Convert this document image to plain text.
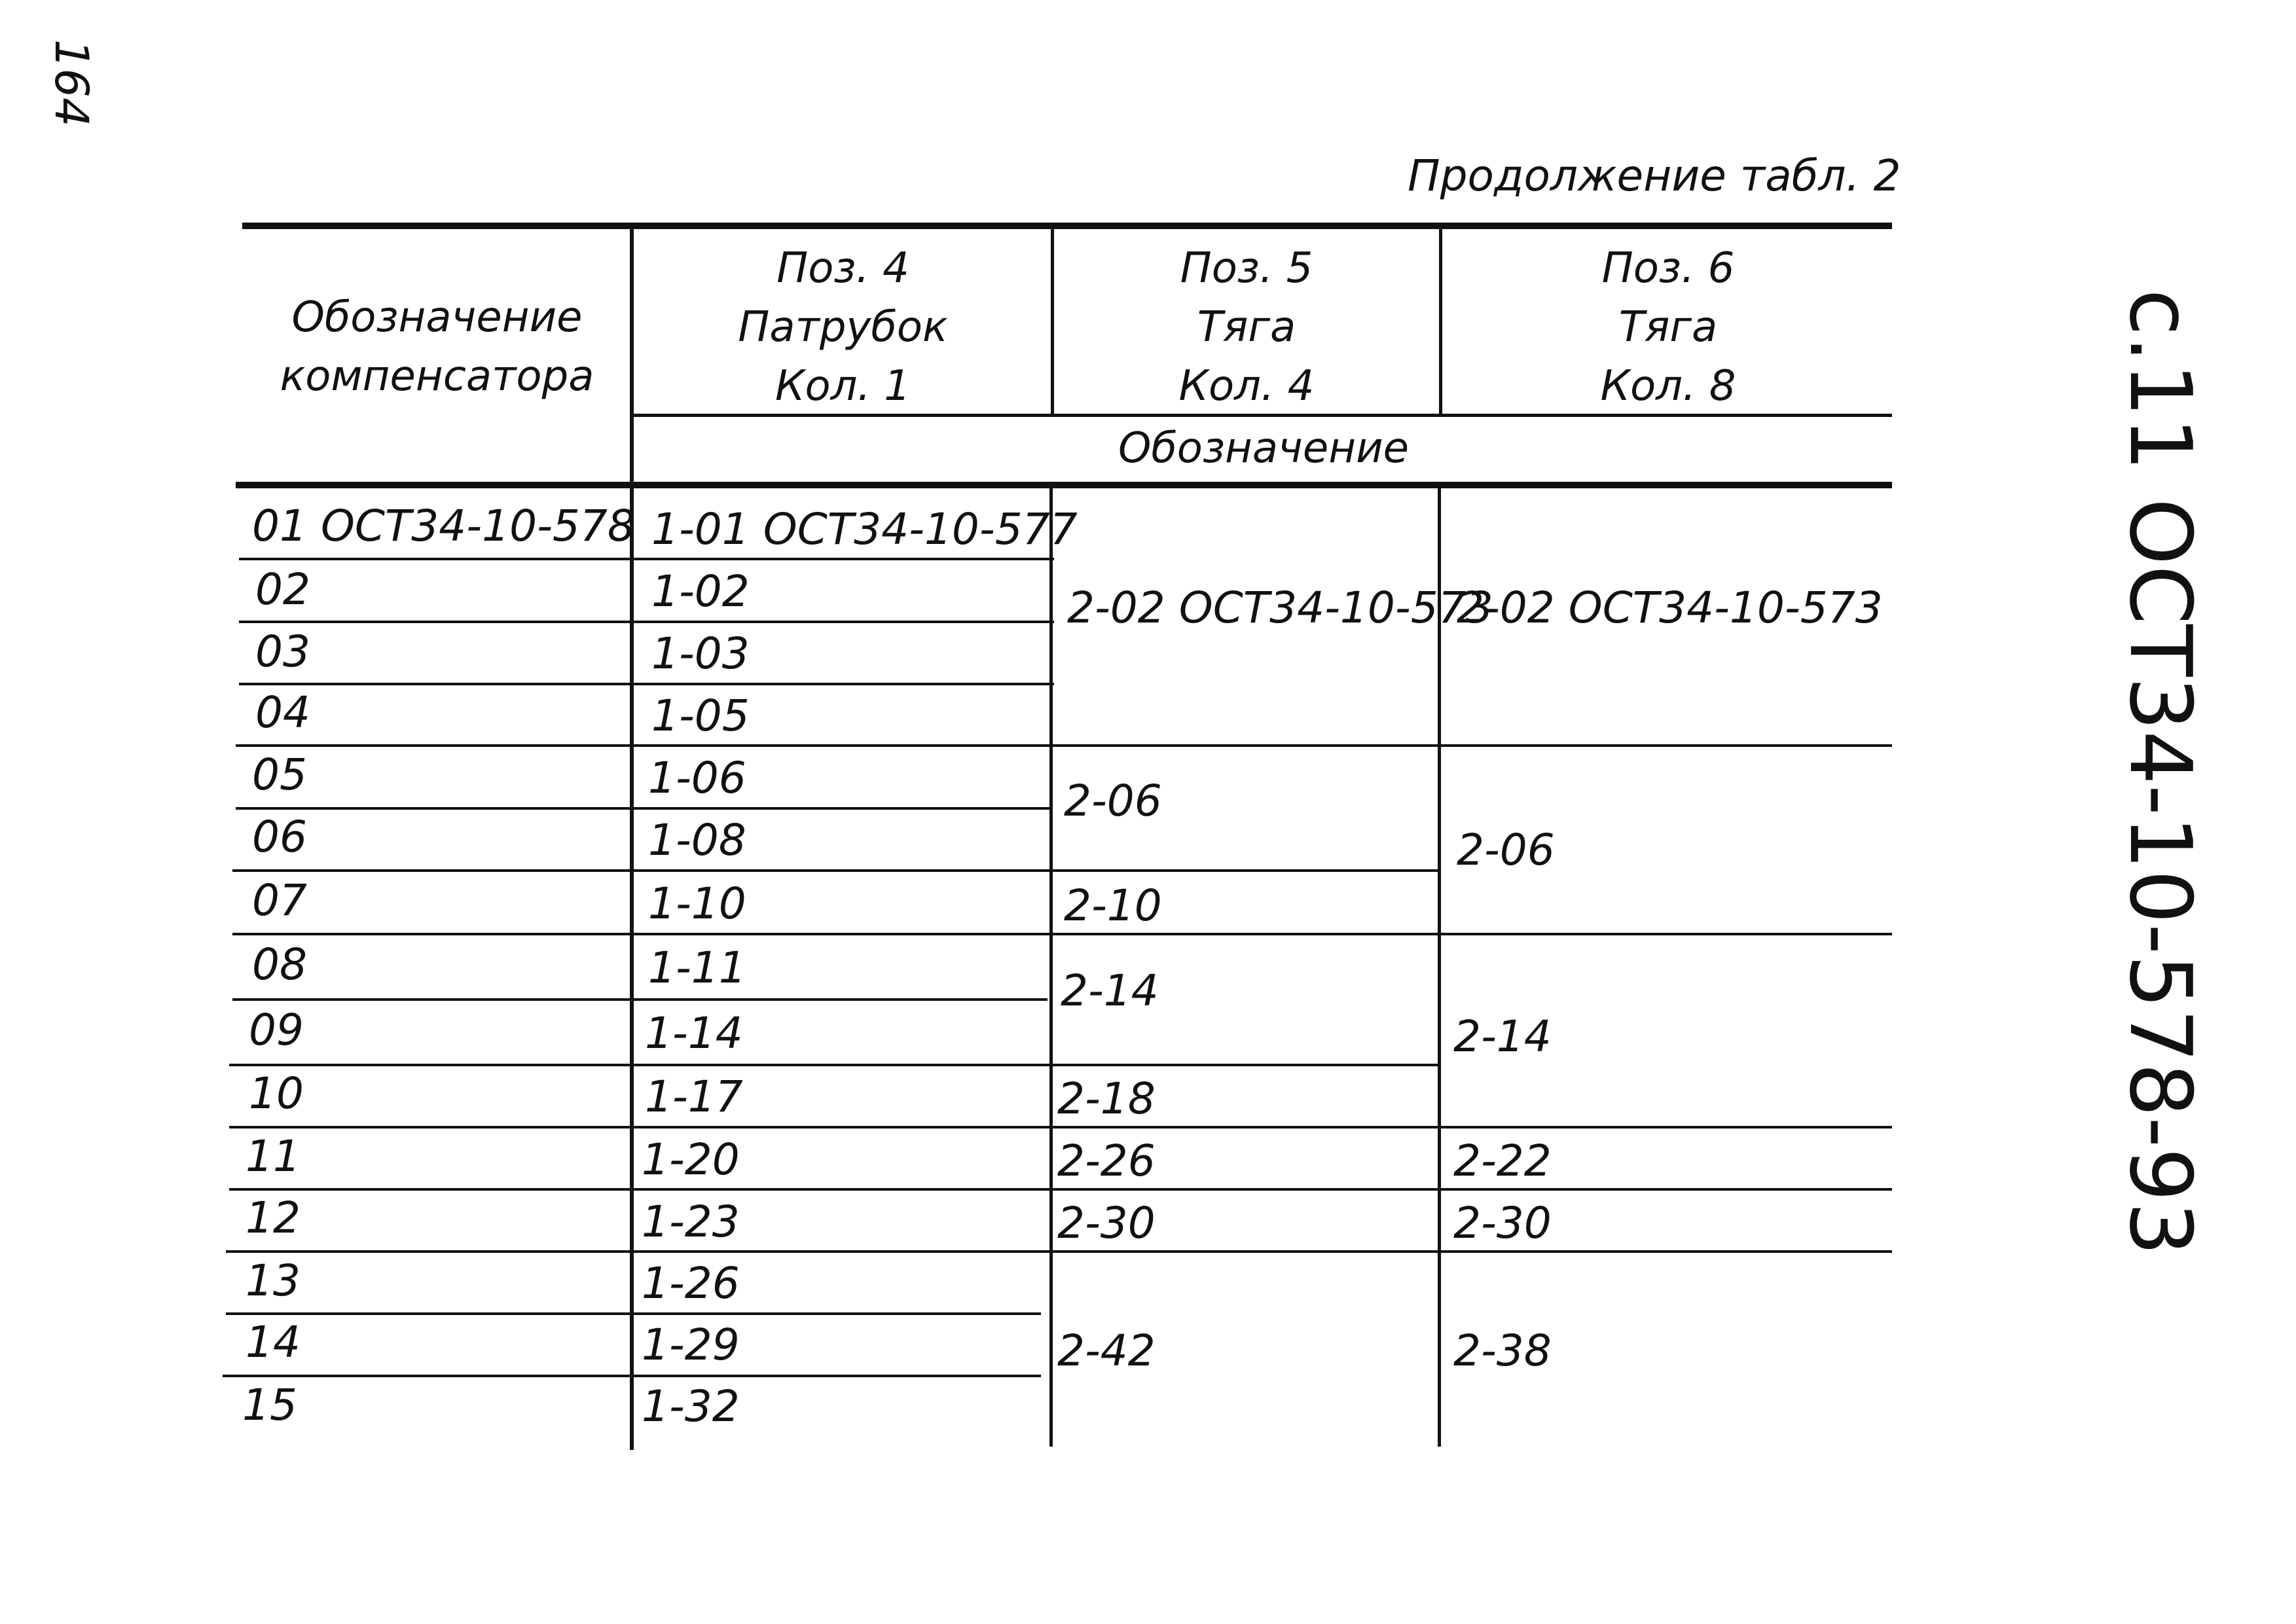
164
с.11 ОСТ34-10-578-93
Продолжение табл. 2
Обозначение
компенсатора
Поз. 4
Патрубок
Кол. 1
Поз. 5
Тяга
Кол. 4
Поз. 6
Тяга
Кол. 8
Обозначение
01 ОСТ34-10-578
02
03
04
05
06
07
08
09
10
11
12
13
14
15
1-01 ОСТ34-10-577
1-02
1-03
1-05
1-06
1-08
1-10
1-11
1-14
1-17
1-20
1-23
1-26
1-29
1-32
2-02 ОСТ34-10-573
2-06
2-10
2-14
2-18
2-26
2-30
2-42
2-02 ОСТ34-10-573
2-06
2-14
2-22
2-30
2-38
